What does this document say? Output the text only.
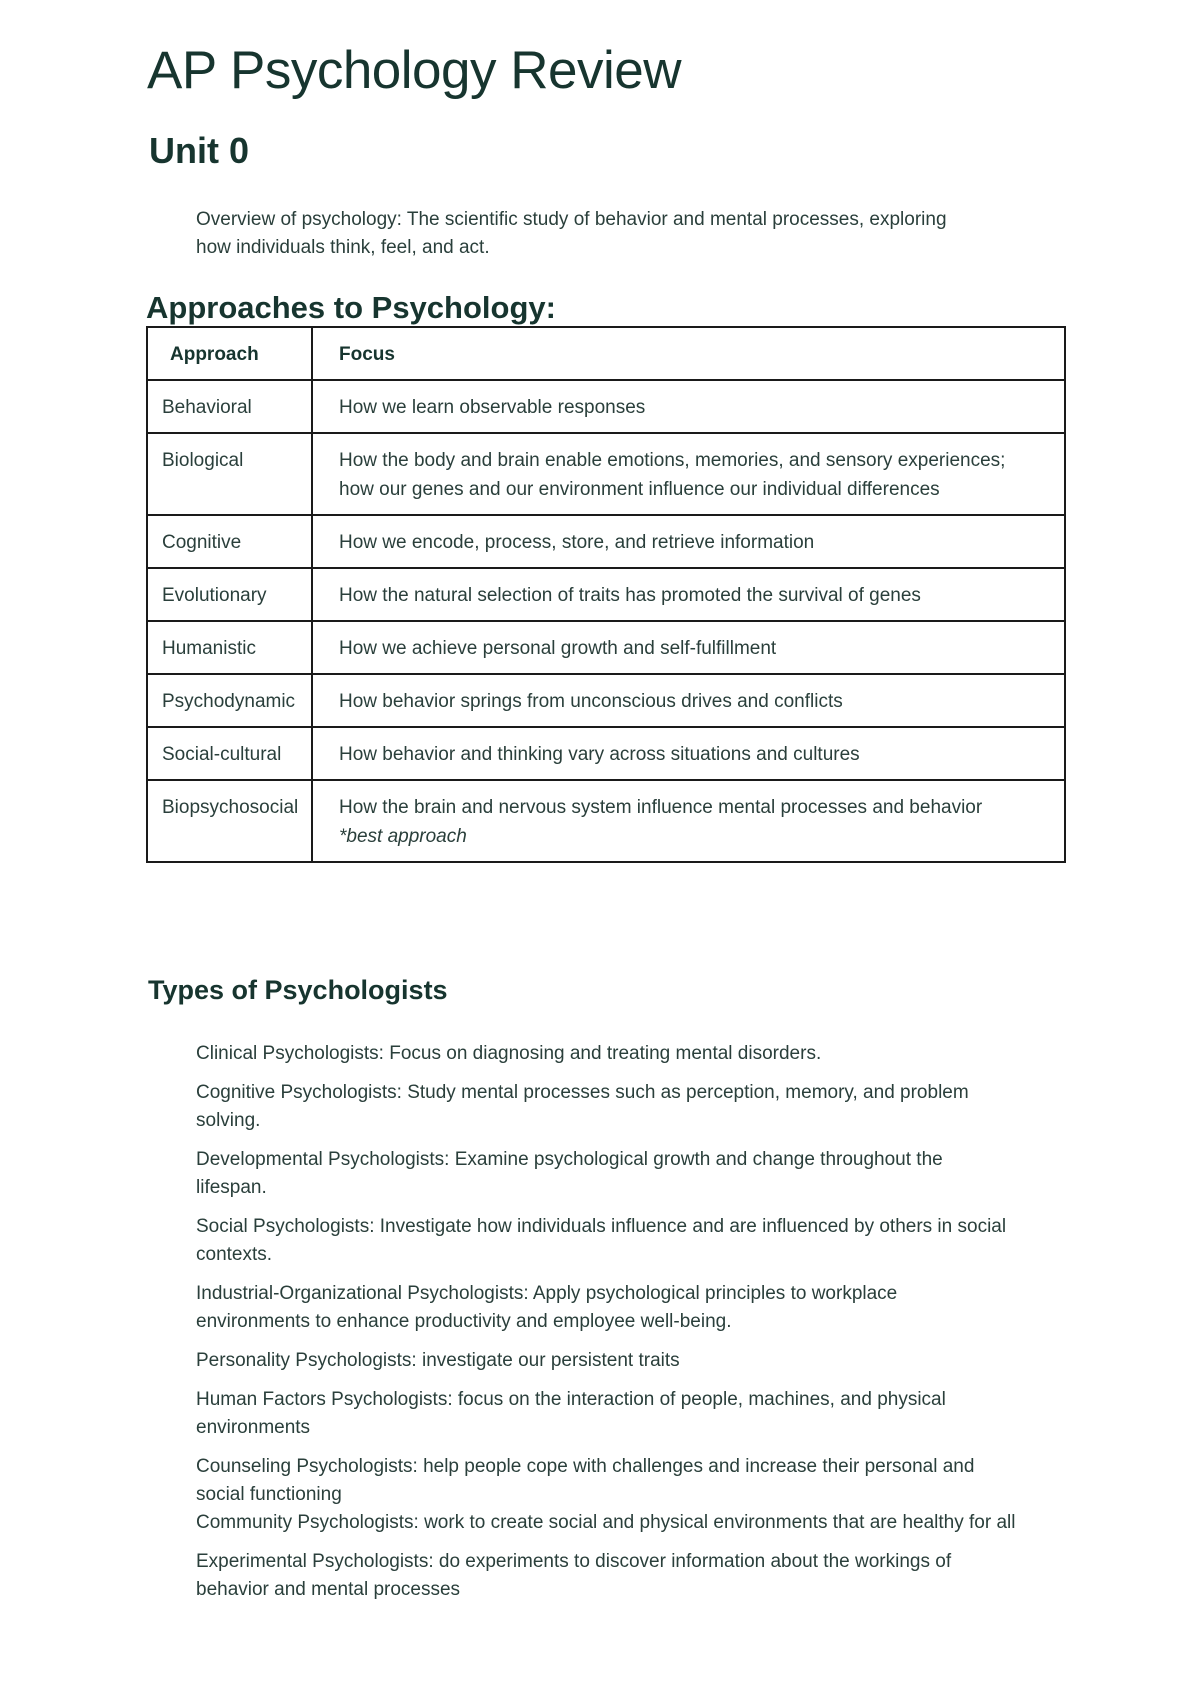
AP Psychology Review
Unit 0

Overview of psychology: The scientific study of behavior and mental processes, exploring how individuals think, feel, and act.

Approaches to Psychology:
Approach	Focus
Behavioral	How we learn observable responses
Biological	How the body and brain enable emotions, memories, and sensory experiences; how our genes and our environment influence our individual differences
Cognitive	How we encode, process, store, and retrieve information
Evolutionary	How the natural selection of traits has promoted the survival of genes
Humanistic	How we achieve personal growth and self-fulfillment
Psychodynamic	How behavior springs from unconscious drives and conflicts
Social-cultural	How behavior and thinking vary across situations and cultures
Biopsychosocial	How the brain and nervous system influence mental processes and behavior *best approach
Types of Psychologists
Clinical Psychologists: Focus on diagnosing and treating mental disorders.
Cognitive Psychologists: Study mental processes such as perception, memory, and problem solving.
Developmental Psychologists: Examine psychological growth and change throughout the lifespan.
Social Psychologists: Investigate how individuals influence and are influenced by others in social contexts.
Industrial-Organizational Psychologists: Apply psychological principles to workplace environments to enhance productivity and employee well-being.
Personality Psychologists: investigate our persistent traits
Human Factors Psychologists: focus on the interaction of people, machines, and physical environments
Counseling Psychologists: help people cope with challenges and increase their personal and social functioning
Community Psychologists: work to create social and physical environments that are healthy for all
Experimental Psychologists: do experiments to discover information about the workings of behavior and mental processes
